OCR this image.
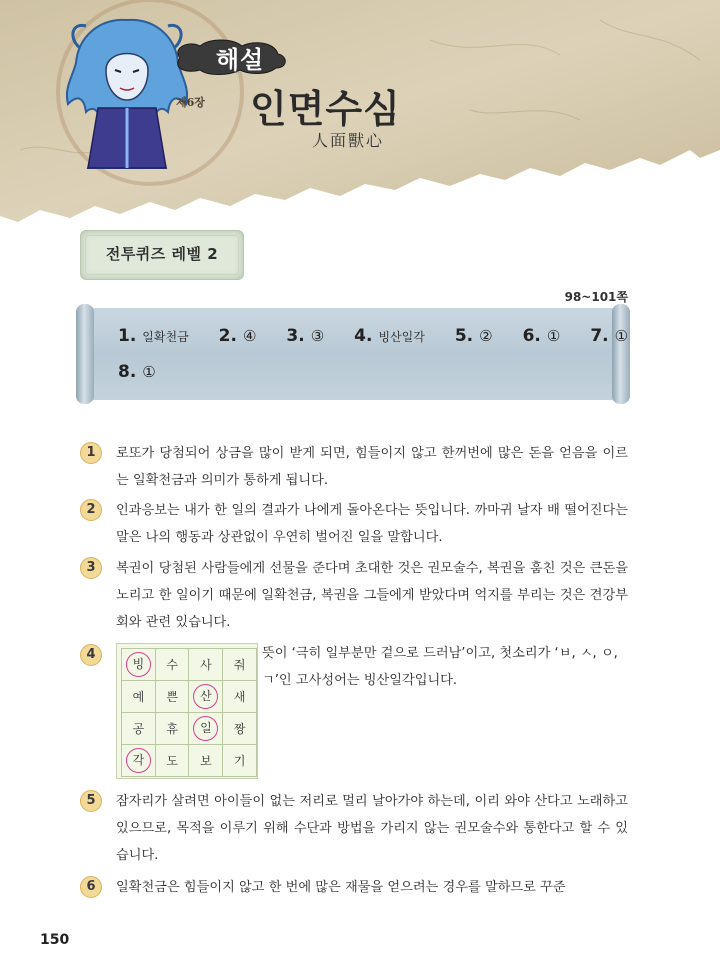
해설
제6장 인면수심
人面獸心
전투퀴즈 레벨 2
98~101쪽
1. 일확천금 2. ④ 3. ③ 4. 빙산일각 5. ② 6. ① 7. ①
8. ①
1	로또가 당첨되어 상금을 많이 받게 되면, 힘들이지 않고 한꺼번에 많은 돈을 얻음을 이르는 일확천금과 의미가 통하게 됩니다.
2	인과응보는 내가 한 일의 결과가 나에게 돌아온다는 뜻입니다. 까마귀 날자 배 떨어진다는 말은 나의 행동과 상관없이 우연히 벌어진 일을 말합니다.
3	복권이 당첨된 사람들에게 선물을 준다며 초대한 것은 권모술수, 복권을 훔친 것은 큰돈을 노리고 한 일이기 때문에 일확천금, 복권을 그들에게 받았다며 억지를 부리는 것은 견강부회와 관련 있습니다.
4	뜻이 ‘극히 일부분만 겉으로 드러남’이고, 첫소리가 ‘ㅂ, ㅅ, ㅇ, ㄱ’인 고사성어는 빙산일각입니다.
빙	수	사	줘
예	쁜	산	새
공	휴	일	짱
각	도	보	기
5	잠자리가 살려면 아이들이 없는 저리로 멀리 날아가야 하는데, 이리 와야 산다고 노래하고 있으므로, 목적을 이루기 위해 수단과 방법을 가리지 않는 권모술수와 통한다고 할 수 있습니다.
6	일확천금은 힘들이지 않고 한 번에 많은 재물을 얻으려는 경우를 말하므로 꾸준
150
